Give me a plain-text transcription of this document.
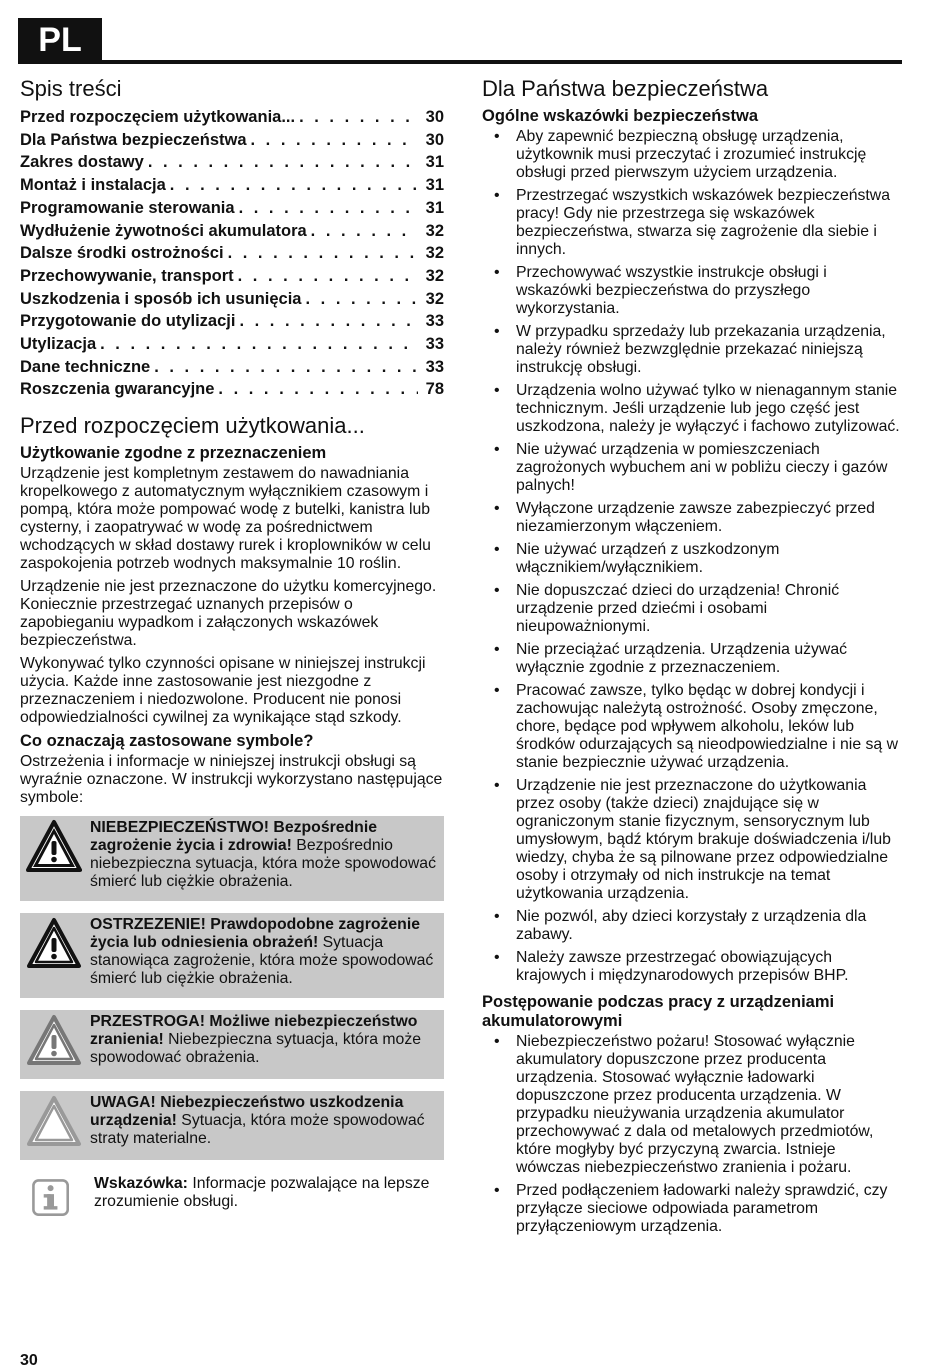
PL
Spis treści
Przed rozpoczęciem użytkowania... . . .	30
Dla Państwa bezpieczeństwa . . .	30
Zakres dostawy . . .	31
Montaż i instalacja . . .	31
Programowanie sterowania . . .	31
Wydłużenie żywotności akumulatora . . .	32
Dalsze środki ostrożności . . .	32
Przechowywanie, transport . . .	32
Uszkodzenia i sposób ich usunięcia . . .	32
Przygotowanie do utylizacji . . .	33
Utylizacja . . .	33
Dane techniczne . . .	33
Roszczenia gwarancyjne . . .	78
Przed rozpoczęciem użytkowania...
Użytkowanie zgodne z przeznaczeniem

Urządzenie jest kompletnym zestawem do nawadniania kropelkowego z automatycznym wyłącznikiem czasowym i pompą, która może pompować wodę z butelki, kanistra lub cysterny, i zaopatrywać w wodę za pośrednictwem wchodzących w skład dostawy rurek i kroplowników w celu zaspokojenia potrzeb wodnych maksymalnie 10 roślin.

Urządzenie nie jest przeznaczone do użytku komercyjnego. Koniecznie przestrzegać uznanych przepisów o zapobieganiu wypadkom i załączonych wskazówek bezpieczeństwa.

Wykonywać tylko czynności opisane w niniejszej instrukcji użycia. Każde inne zastosowanie jest niezgodne z przeznaczeniem i niedozwolone. Producent nie ponosi odpowiedzialności cywilnej za wynikające stąd szkody.

Co oznaczają zastosowane symbole?

Ostrzeżenia i informacje w niniejszej instrukcji obsługi są wyraźnie oznaczone. W instrukcji wykorzystano następujące symbole:

NIEBEZPIECZEŃSTWO! Bezpośrednie zagrożenie życia i zdrowia! Bezpośrednio niebezpieczna sytuacja, która może spowodować śmierć lub ciężkie obrażenia.
OSTRZEZENIE! Prawdopodobne zagrożenie życia lub odniesienia obrażeń! Sytuacja stanowiąca zagrożenie, która może spowodować śmierć lub ciężkie obrażenia.
PRZESTROGA! Możliwe niebezpieczeństwo zranienia! Niebezpieczna sytuacja, która może spowodować obrażenia.
UWAGA! Niebezpieczeństwo uszkodzenia urządzenia! Sytuacja, która może spowodować straty materialne.
Wskazówka: Informacje pozwalające na lepsze zrozumienie obsługi.
Dla Państwa bezpieczeństwa
Ogólne wskazówki bezpieczeństwa
• Aby zapewnić bezpieczną obsługę urządzenia, użytkownik musi przeczytać i zrozumieć instrukcję obsługi przed pierwszym użyciem urządzenia.
• Przestrzegać wszystkich wskazówek bezpieczeństwa pracy! Gdy nie przestrzega się wskazówek bezpieczeństwa, stwarza się zagrożenie dla siebie i innych.
• Przechowywać wszystkie instrukcje obsługi i wskazówki bezpieczeństwa do przyszłego wykorzystania.
• W przypadku sprzedaży lub przekazania urządzenia, należy również bezwzględnie przekazać niniejszą instrukcję obsługi.
• Urządzenia wolno używać tylko w nienagannym stanie technicznym. Jeśli urządzenie lub jego część jest uszkodzona, należy je wyłączyć i fachowo zutylizować.
• Nie używać urządzenia w pomieszczeniach zagrożonych wybuchem ani w pobliżu cieczy i gazów palnych!
• Wyłączone urządzenie zawsze zabezpieczyć przed niezamierzonym włączeniem.
• Nie używać urządzeń z uszkodzonym włącznikiem/wyłącznikiem.
• Nie dopuszczać dzieci do urządzenia! Chronić urządzenie przed dziećmi i osobami nieupoważnionymi.
• Nie przeciążać urządzenia. Urządzenia używać wyłącznie zgodnie z przeznaczeniem.
• Pracować zawsze, tylko będąc w dobrej kondycji i zachowując należytą ostrożność. Osoby zmęczone, chore, będące pod wpływem alkoholu, leków lub środków odurzających są nieodpowiedzialne i nie są w stanie bezpiecznie używać urządzenia.
• Urządzenie nie jest przeznaczone do użytkowania przez osoby (także dzieci) znajdujące się w ograniczonym stanie fizycznym, sensorycznym lub umysłowym, bądź którym brakuje doświadczenia i/lub wiedzy, chyba że są pilnowane przez odpowiedzialne osoby i otrzymały od nich instrukcje na temat użytkowania urządzenia.
• Nie pozwól, aby dzieci korzystały z urządzenia dla zabawy.
• Należy zawsze przestrzegać obowiązujących krajowych i międzynarodowych przepisów BHP.
Postępowanie podczas pracy z urządzeniami akumulatorowymi
• Niebezpieczeństwo pożaru! Stosować wyłącznie akumulatory dopuszczone przez producenta urządzenia. Stosować wyłącznie ładowarki dopuszczone przez producenta urządzenia. W przypadku nieużywania urządzenia akumulator przechowywać z dala od metalowych przedmiotów, które mogłyby być przyczyną zwarcia. Istnieje wówczas niebezpieczeństwo zranienia i pożaru.
• Przed podłączeniem ładowarki należy sprawdzić, czy przyłącze sieciowe odpowiada parametrom przyłączeniowym urządzenia.
30
